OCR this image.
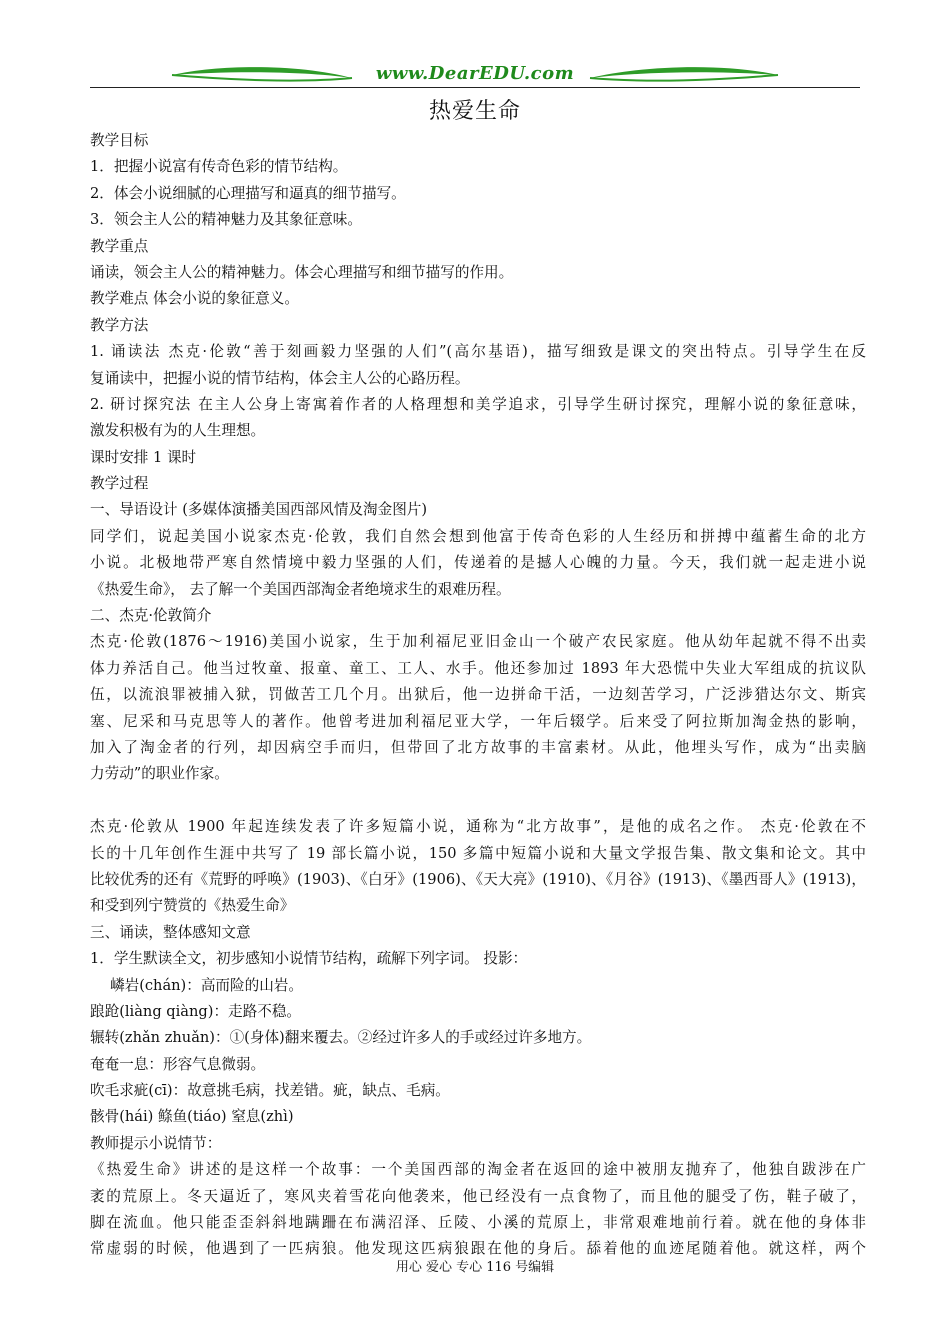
www.DearEDU.com
热爱生命
教学目标
1．把握小说富有传奇色彩的情节结构。
2．体会小说细腻的心理描写和逼真的细节描写。
3．领会主人公的精神魅力及其象征意味。
教学重点
诵读，领会主人公的精神魅力。体会心理描写和细节描写的作用。
教学难点 体会小说的象征意义。
教学方法
1. 诵读法 杰克·伦敦“善于刻画毅力坚强的人们”(高尔基语)，描写细致是课文的突出特点。引导学生在反
复诵读中，把握小说的情节结构，体会主人公的心路历程。
2. 研讨探究法 在主人公身上寄寓着作者的人格理想和美学追求，引导学生研讨探究，理解小说的象征意味，
激发积极有为的人生理想。
课时安排 1 课时
教学过程
一、导语设计 (多媒体演播美国西部风情及淘金图片)
同学们，说起美国小说家杰克·伦敦，我们自然会想到他富于传奇色彩的人生经历和拼搏中蕴蓄生命的北方
小说。北极地带严寒自然情境中毅力坚强的人们，传递着的是撼人心魄的力量。今天，我们就一起走进小说
《热爱生命》， 去了解一个美国西部淘金者绝境求生的艰难历程。
二、杰克·伦敦简介
杰克·伦敦(1876～1916)美国小说家，生于加利福尼亚旧金山一个破产农民家庭。他从幼年起就不得不出卖
体力养活自己。他当过牧童、报童、童工、工人、水手。他还参加过 1893 年大恐慌中失业大军组成的抗议队
伍，以流浪罪被捕入狱，罚做苦工几个月。出狱后，他一边拼命干活，一边刻苦学习，广泛涉猎达尔文、斯宾
塞、尼采和马克思等人的著作。他曾考进加利福尼亚大学，一年后辍学。后来受了阿拉斯加淘金热的影响，
加入了淘金者的行列，却因病空手而归，但带回了北方故事的丰富素材。从此，他埋头写作，成为“出卖脑
力劳动”的职业作家。
杰克·伦敦从 1900 年起连续发表了许多短篇小说，通称为“北方故事”，是他的成名之作。 杰克·伦敦在不
长的十几年创作生涯中共写了 19 部长篇小说，150 多篇中短篇小说和大量文学报告集、散文集和论文。其中
比较优秀的还有《荒野的呼唤》(1903)、《白牙》(1906)、《天大亮》(1910)、《月谷》(1913)、《墨西哥人》(1913)，
和受到列宁赞赏的《热爱生命》
三、诵读，整体感知文意
1．学生默读全文，初步感知小说情节结构，疏解下列字词。 投影：
嶙岩(chán)：高而险的山岩。
踉跄(liàng qiàng)：走路不稳。
辗转(zhǎn zhuǎn)：①(身体)翻来覆去。②经过许多人的手或经过许多地方。
奄奄一息：形容气息微弱。
吹毛求疵(cī)：故意挑毛病，找差错。疵，缺点、毛病。
骸骨(hái) 鲦鱼(tiáo) 窒息(zhì)
教师提示小说情节：
《热爱生命》讲述的是这样一个故事：一个美国西部的淘金者在返回的途中被朋友抛弃了，他独自跋涉在广
袤的荒原上。冬天逼近了，寒风夹着雪花向他袭来，他已经没有一点食物了，而且他的腿受了伤，鞋子破了，
脚在流血。他只能歪歪斜斜地蹒跚在布满沼泽、丘陵、小溪的荒原上，非常艰难地前行着。就在他的身体非
常虚弱的时候，他遇到了一匹病狼。他发现这匹病狼跟在他的身后。舔着他的血迹尾随着他。就这样，两个
用心 爱心 专心 116 号编辑
